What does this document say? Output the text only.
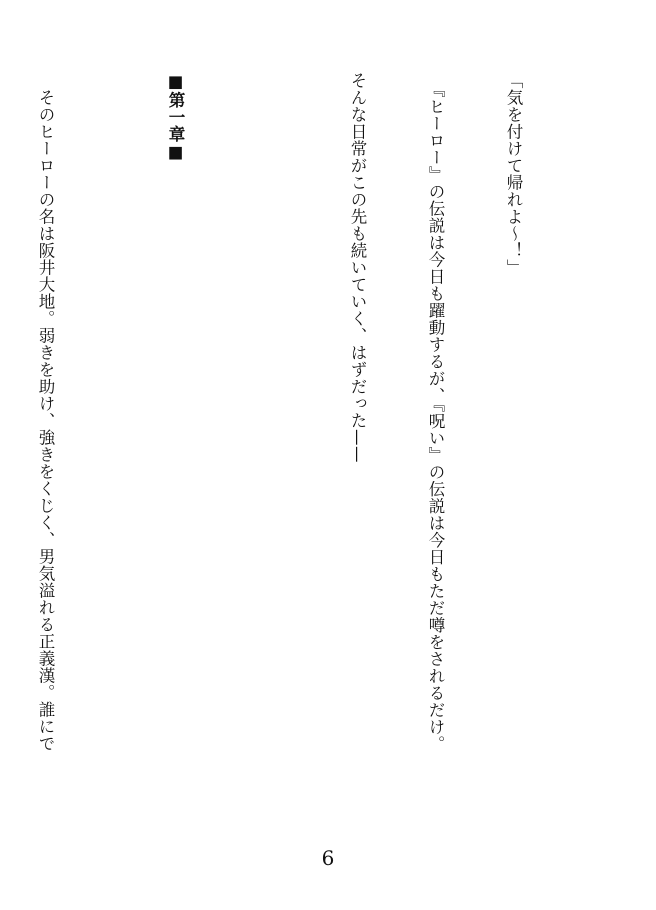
「気を付けて帰れよ〜！」

　『ヒーロー』の伝説は今日も躍動するが、『呪い』の伝説は今日もただ噂をされるだけ。

そんな日常がこの先も続いていく、はずだった——

■第一章■

　そのヒーローの名は阪井大地。弱きを助け、強きをくじく、男気溢れる正義漢。誰にで

6
